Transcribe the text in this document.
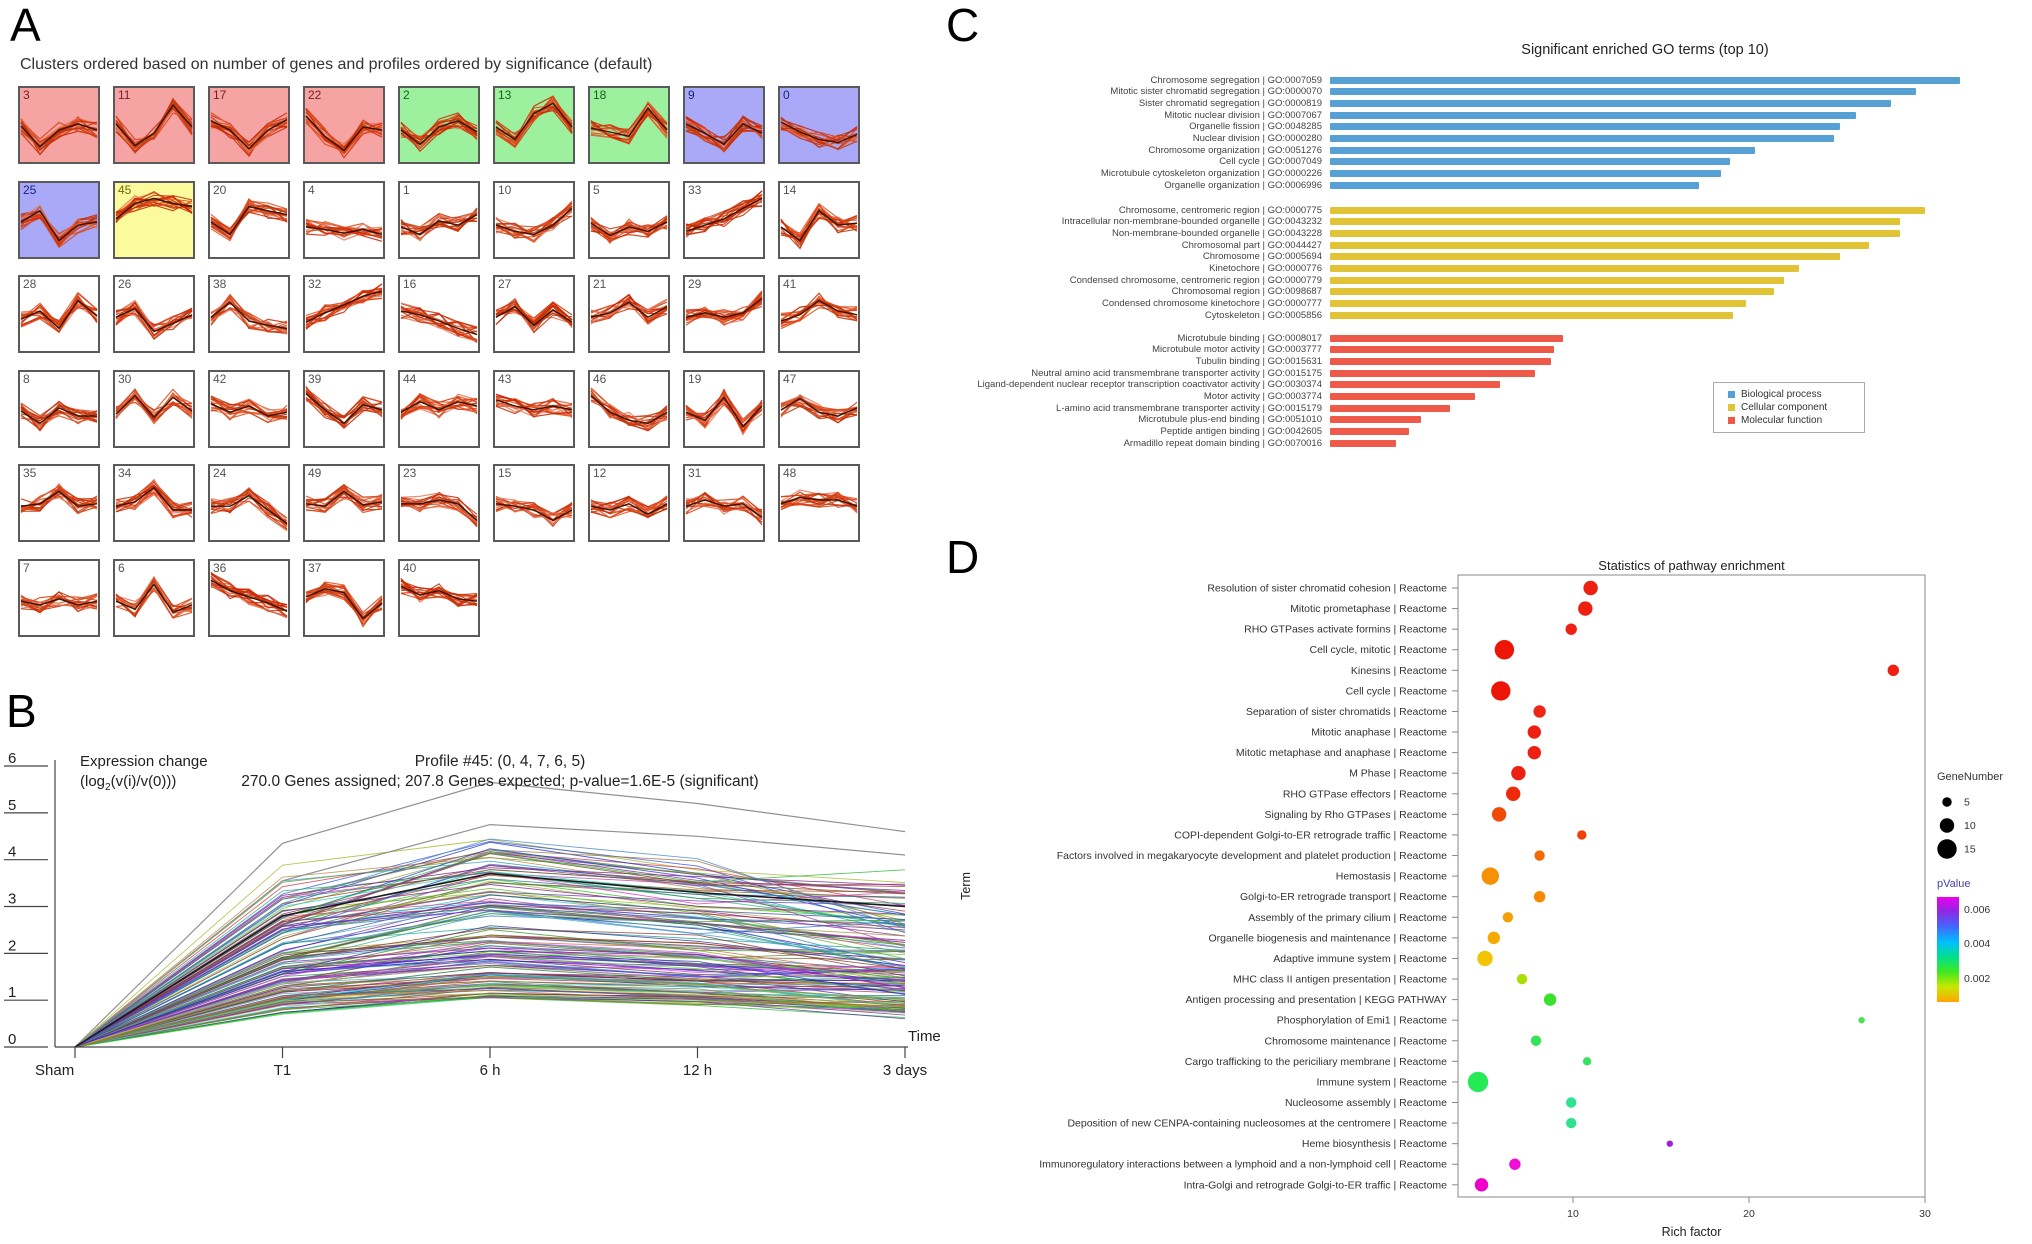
A
B
C
D
Clusters ordered based on number of genes and profiles ordered by significance (default)
3	11	17	22	2	13	18	9	0
25	45	20	4	1	10	5	33	14
28	26	38	32	16	27	21	29	41
8	30	42	39	44	43	46	19	47
35	34	24	49	23	15	12	31	48
7	6	36	37	40
6
5
4
3
2
1
0
Sham	T1	6 h	12 h	3 days
Time
Profile #45: (0, 4, 7, 6, 5)
270.0 Genes assigned; 207.8 Genes expected; p-value=1.6E-5 (significant)
Expression change
$(\log_2(v(i)/v(0)))$
Significant enriched GO terms (top 10)
Chromosome segregation | GO:0007059
Mitotic sister chromatid segregation | GO:0000070
Sister chromatid segregation | GO:0000819
Mitotic nuclear division | GO:0007067
Organelle fission | GO:0048285
Nuclear division | GO:0000280
Chromosome organization | GO:0051276
Cell cycle | GO:0007049
Microtubule cytoskeleton organization | GO:0000226
Organelle organization | GO:0006996
Chromosome, centromeric region | GO:0000775
Intracellular non-membrane-bounded organelle | GO:0043232
Non-membrane-bounded organelle | GO:0043228
Chromosomal part | GO:0044427
Chromosome | GO:0005694
Kinetochore | GO:0000776
Condensed chromosome, centromeric region | GO:0000779
Chromosomal region | GO:0098687
Condensed chromosome kinetochore | GO:0000777
Cytoskeleton | GO:0005856
Microtubule binding | GO:0008017
Microtubule motor activity | GO:0003777
Tubulin binding | GO:0015631
Neutral amino acid transmembrane transporter activity | GO:0015175
Ligand-dependent nuclear receptor transcription coactivator activity | GO:0030374
Motor activity | GO:0003774
L-amino acid transmembrane transporter activity | GO:0015179
Microtubule plus-end binding | GO:0051010
Peptide antigen binding | GO:0042605
Armadillo repeat domain binding | GO:0070016
Biological process
Cellular component
Molecular function
Statistics of pathway enrichment
Resolution of sister chromatid cohesion | Reactome
Mitotic prometaphase | Reactome
RHO GTPases activate formins | Reactome
Cell cycle, mitotic | Reactome
Kinesins | Reactome
Cell cycle | Reactome
Separation of sister chromatids | Reactome
Mitotic anaphase | Reactome
Mitotic metaphase and anaphase | Reactome
M Phase | Reactome
RHO GTPase effectors | Reactome
Signaling by Rho GTPases | Reactome
COPI-dependent Golgi-to-ER retrograde traffic | Reactome
Factors involved in megakaryocyte development and platelet production | Reactome
Hemostasis | Reactome
Golgi-to-ER retrograde transport | Reactome
Assembly of the primary cilium | Reactome
Organelle biogenesis and maintenance | Reactome
Adaptive immune system | Reactome
MHC class II antigen presentation | Reactome
Antigen processing and presentation | KEGG PATHWAY
Phosphorylation of Emi1 | Reactome
Chromosome maintenance | Reactome
Cargo trafficking to the periciliary membrane | Reactome
Immune system | Reactome
Nucleosome assembly | Reactome
Deposition of new CENPA-containing nucleosomes at the centromere | Reactome
Heme biosynthesis | Reactome
Immunoregulatory interactions between a lymphoid and a non-lymphoid cell | Reactome
Intra-Golgi and retrograde Golgi-to-ER traffic | Reactome
10	20	30
Rich factor
Term
GeneNumber
5
10
15
pValue
0.006
0.004
0.002
